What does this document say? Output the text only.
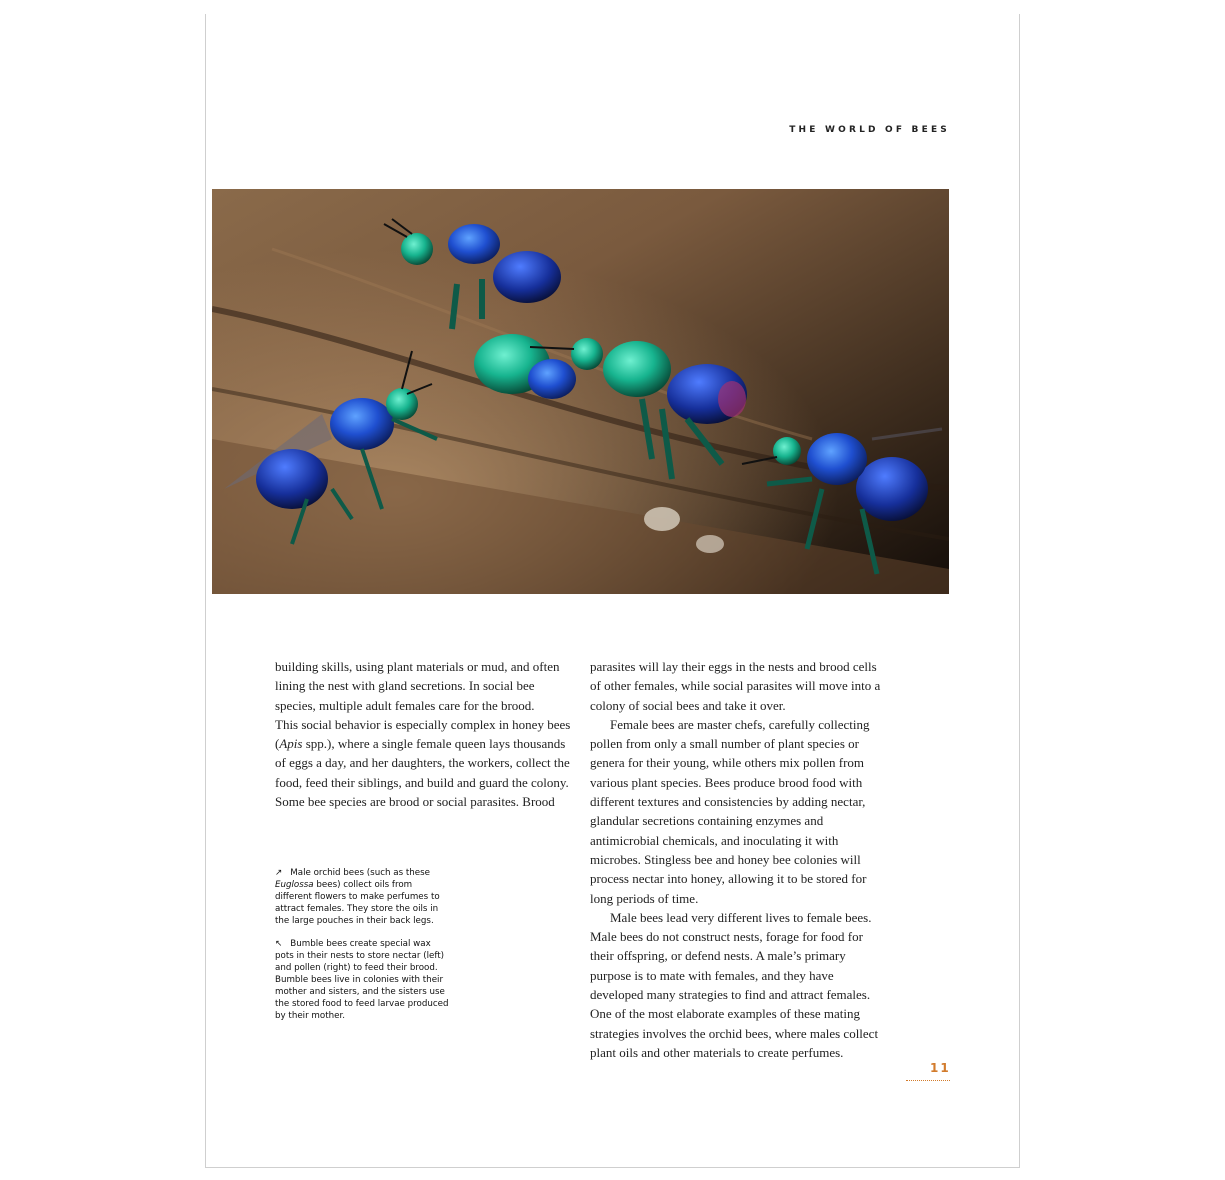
THE WORLD OF BEES

building skills, using plant materials or mud, and often lining the nest with gland secretions. In social bee species, multiple adult females care for the brood.
This social behavior is especially complex in honey bees (Apis spp.), where a single female queen lays thousands of eggs a day, and her daughters, the workers, collect the food, feed their siblings, and build and guard the colony. Some bee species are brood or social parasites. Brood

parasites will lay their eggs in the nests and brood cells of other females, while social parasites will move into a colony of social bees and take it over.

Female bees are master chefs, carefully collecting pollen from only a small number of plant species or genera for their young, while others mix pollen from various plant species. Bees produce brood food with different textures and consistencies by adding nectar, glandular secretions containing enzymes and antimicrobial chemicals, and inoculating it with microbes. Stingless bee and honey bee colonies will process nectar into honey, allowing it to be stored for long periods of time.

Male bees lead very different lives to female bees. Male bees do not construct nests, forage for food for their offspring, or defend nests. A male’s primary purpose is to mate with females, and they have developed many strategies to find and attract females. One of the most elaborate examples of these mating strategies involves the orchid bees, where males collect plant oils and other materials to create perfumes.

↗ Male orchid bees (such as these Euglossa bees) collect oils from different flowers to make perfumes to attract females. They store the oils in the large pouches in their back legs.

↖ Bumble bees create special wax pots in their nests to store nectar (left) and pollen (right) to feed their brood. Bumble bees live in colonies with their mother and sisters, and the sisters use the stored food to feed larvae produced by their mother.

11
